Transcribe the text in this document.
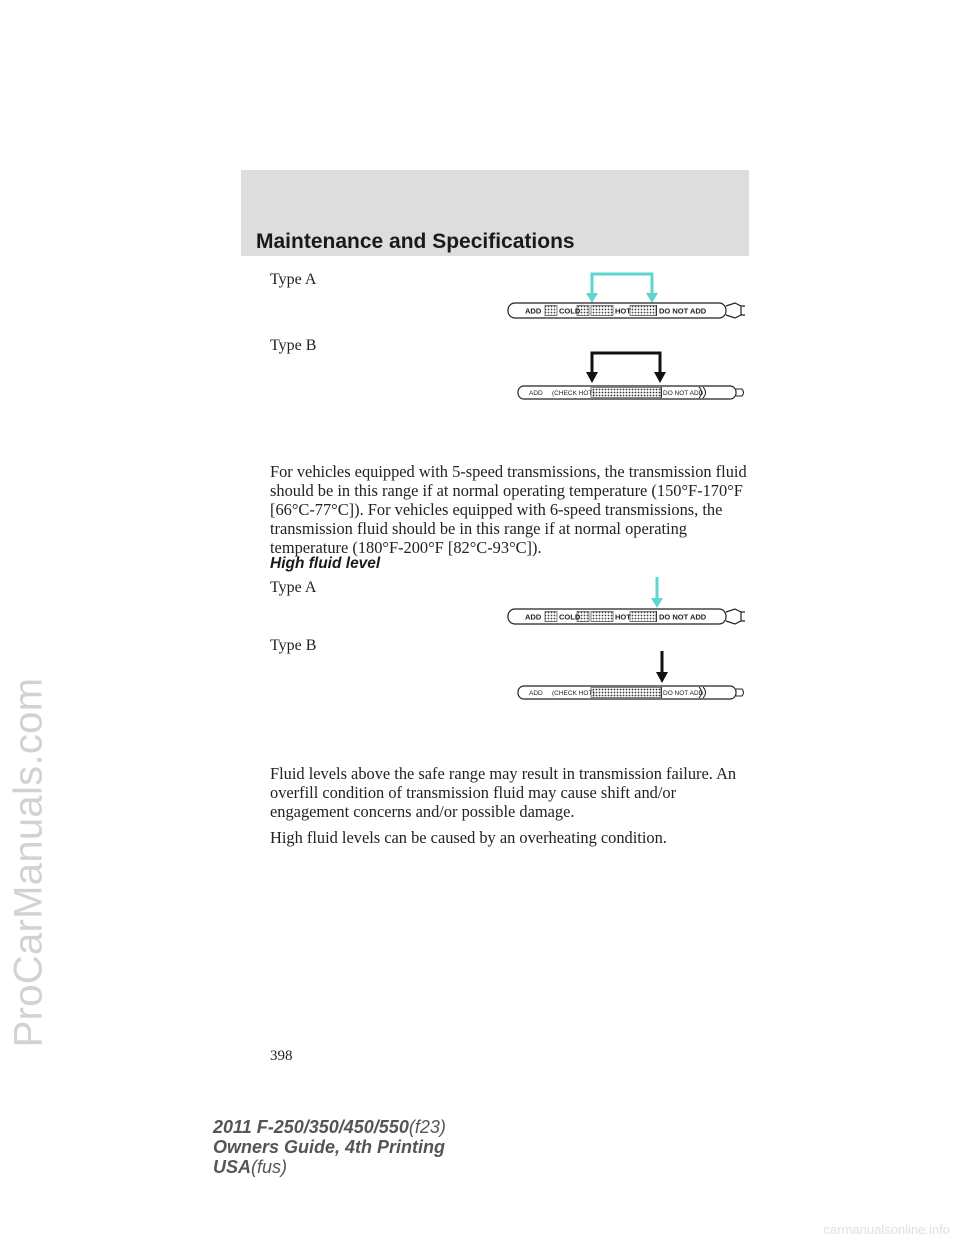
ProCarManuals.com
Maintenance and Specifications
Type A
Type B
ADD COLD	HOT	DO NOT ADD
ADD (CHECK HOT)	DO NOT ADD

For vehicles equipped with 5-speed transmissions, the transmission fluid should be in this range if at normal operating temperature (150°F-170°F [66°C-77°C]). For vehicles equipped with 6-speed transmissions, the transmission fluid should be in this range if at normal operating temperature (180°F-200°F [82°C-93°C]).

High fluid level
Type A
Type B
ADD COLD	HOT	DO NOT ADD
ADD (CHECK HOT)	DO NOT ADD

Fluid levels above the safe range may result in transmission failure. An overfill condition of transmission fluid may cause shift and/or engagement concerns and/or possible damage.

High fluid levels can be caused by an overheating condition.

398
2011 F-250/350/450/550(f23)
Owners Guide, 4th Printing
USA(fus)
carmanualsonline.info
